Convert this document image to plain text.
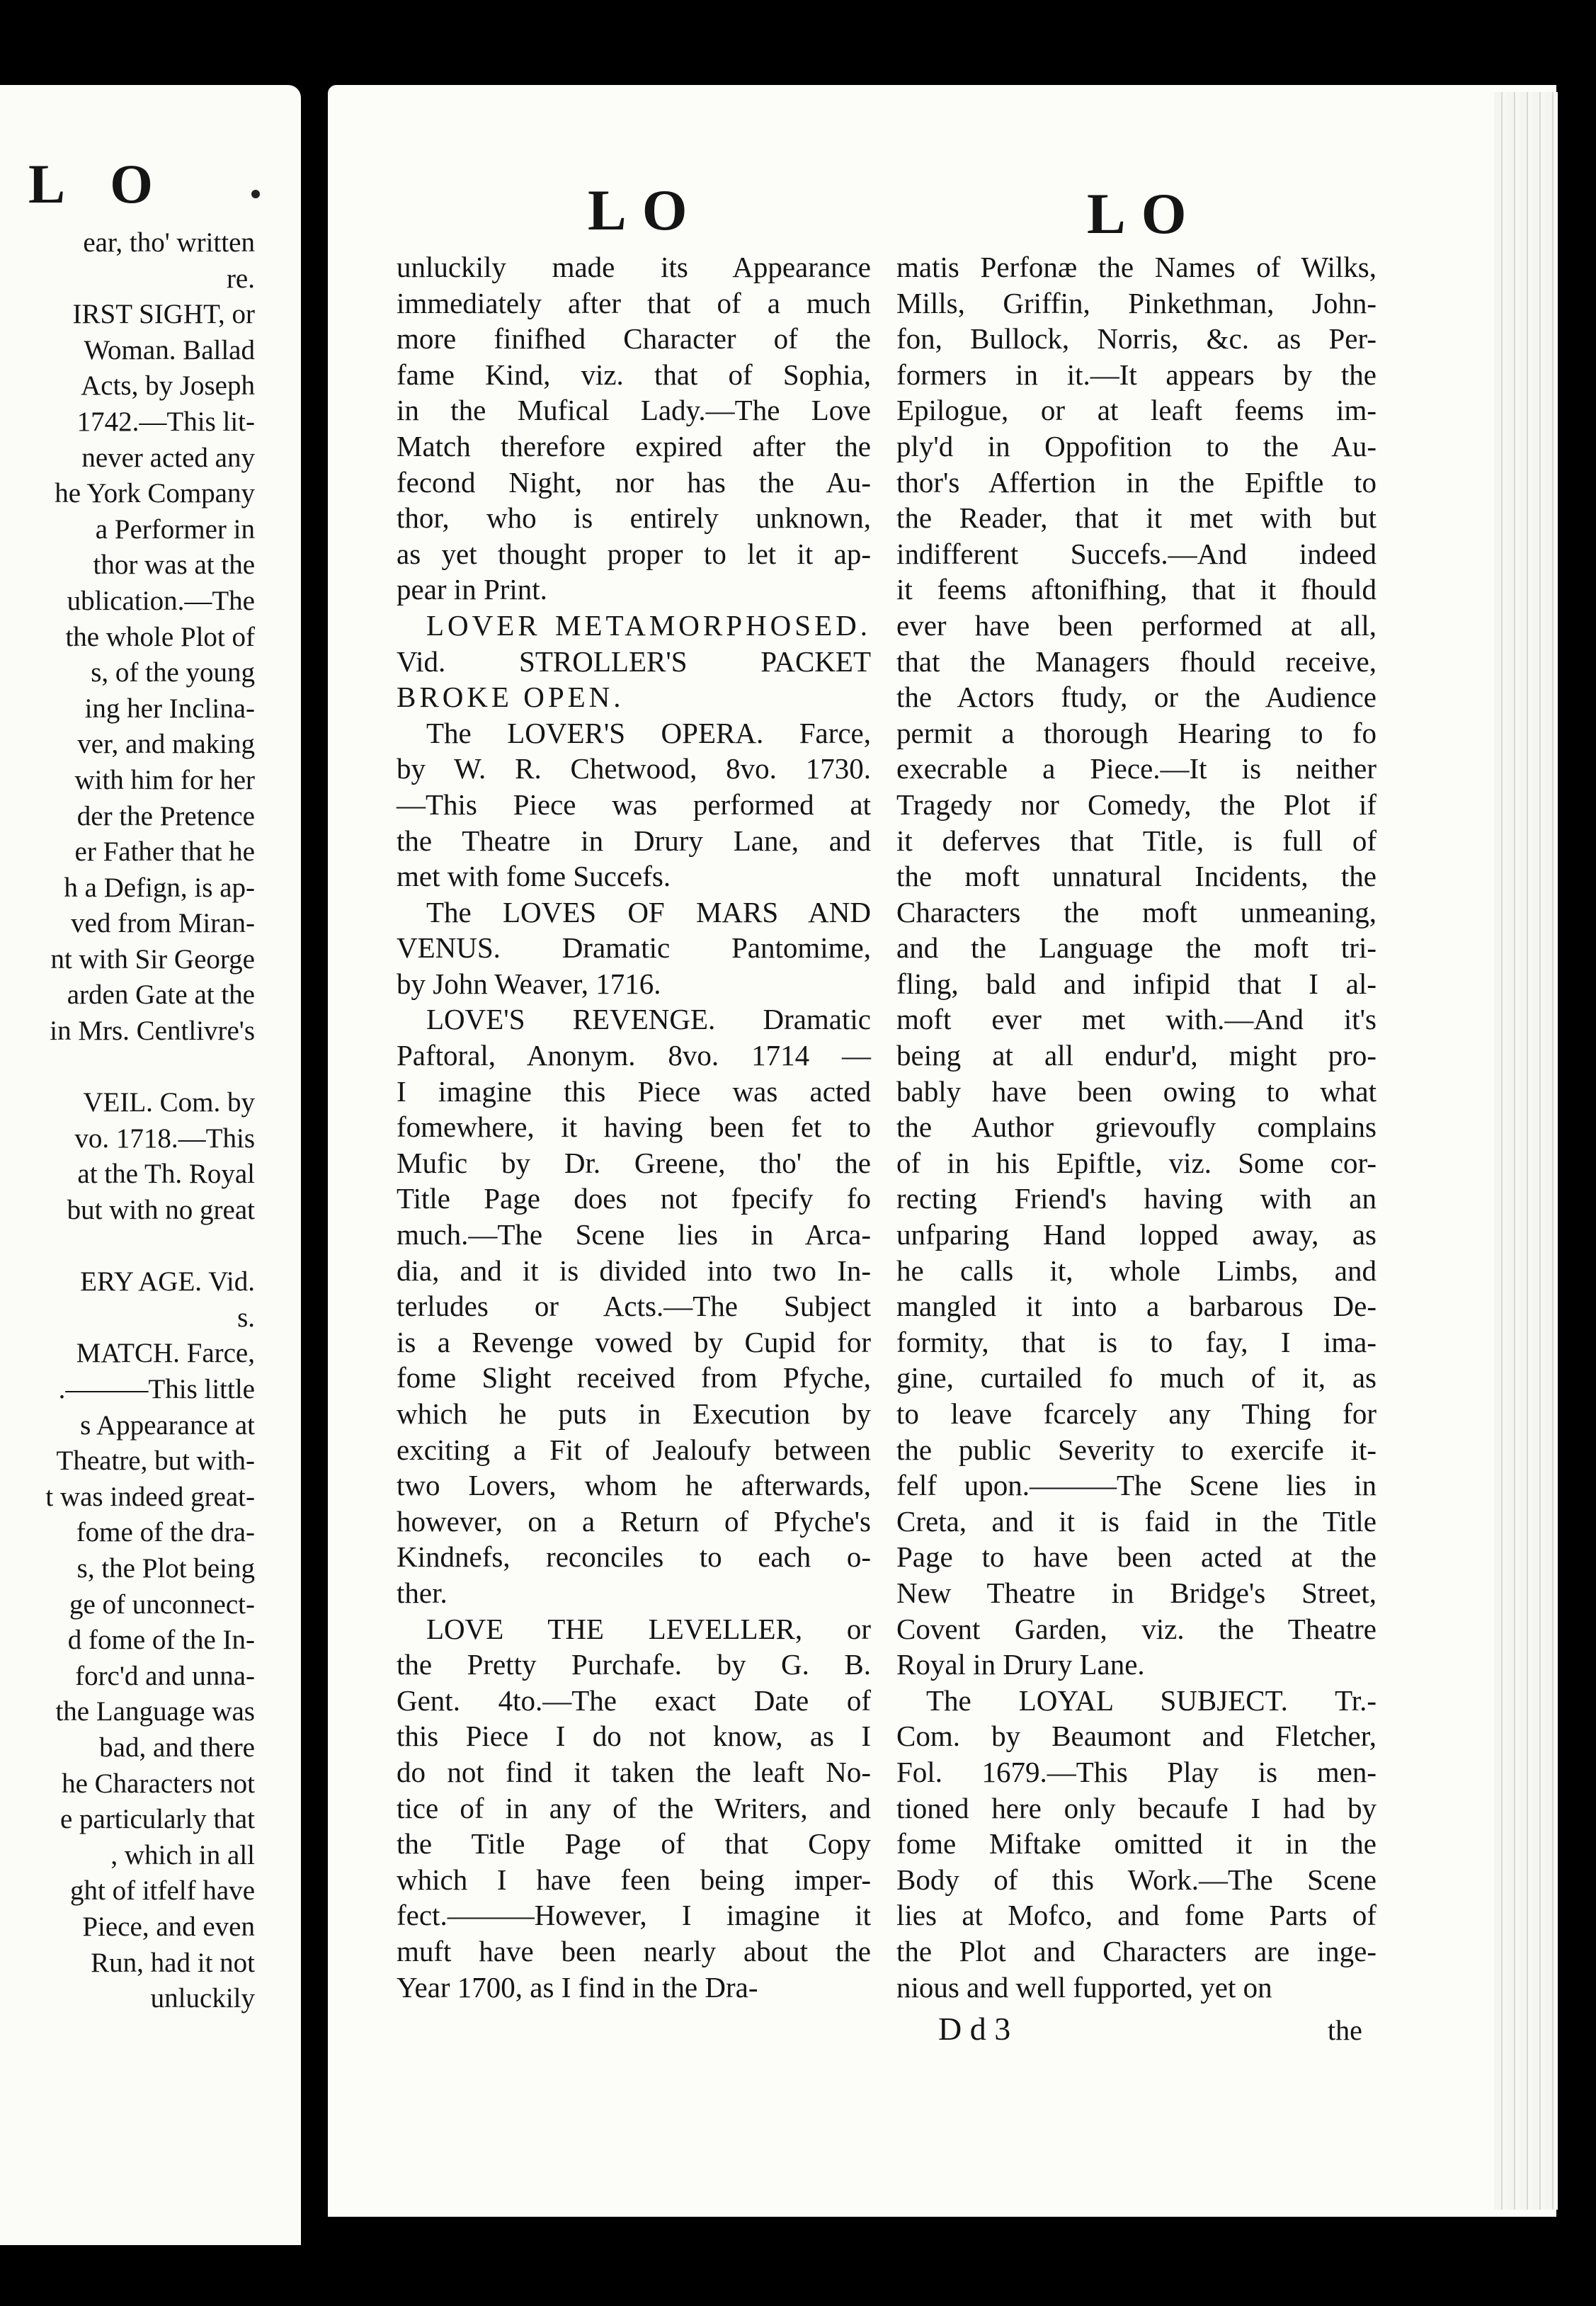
L O
ear, tho' written
re.
IRST SIGHT, or
Woman. Ballad
Acts, by Joseph
1742.—This lit-
never acted any
he York Company
a Performer in
thor was at the
ublication.—The
the whole Plot of
s, of the young
ing her Inclina-
ver, and making
with him for her
der the Pretence
er Father that he
h a Defign, is ap-
ved from Miran-
nt with Sir George
arden Gate at the
in Mrs. Centlivre's

VEIL. Com. by
vo. 1718.—This
at the Th. Royal
but with no great

ERY AGE. Vid.
s.
MATCH. Farce,
.———This little
s Appearance at
Theatre, but with-
t was indeed great-
fome of the dra-
s, the Plot being
ge of unconnect-
d fome of the In-
forc'd and unna-
the Language was
bad, and there
he Characters not
e particularly that
, which in all
ght of itfelf have
Piece, and even
Run, had it not
unluckily
LO	LO
unluckily made its Appearance
immediately after that of a much
more finifhed Character of the
fame Kind, viz. that of Sophia,
in the Mufical Lady.—The Love
Match therefore expired after the
fecond Night, nor has the Au-
thor, who is entirely unknown,
as yet thought proper to let it ap-
pear in Print.
LOVER METAMORPHOSED.
Vid. STROLLER'S PACKET
BROKE OPEN.
The LOVER'S OPERA. Farce,
by W. R. Chetwood, 8vo. 1730.
—This Piece was performed at
the Theatre in Drury Lane, and
met with fome Succefs.
The LOVES OF MARS AND
VENUS. Dramatic Pantomime,
by John Weaver, 1716.
LOVE'S REVENGE. Dramatic
Paftoral, Anonym. 8vo. 1714 —
I imagine this Piece was acted
fomewhere, it having been fet to
Mufic by Dr. Greene, tho' the
Title Page does not fpecify fo
much.—The Scene lies in Arca-
dia, and it is divided into two In-
terludes or Acts.—The Subject
is a Revenge vowed by Cupid for
fome Slight received from Pfyche,
which he puts in Execution by
exciting a Fit of Jealoufy between
two Lovers, whom he afterwards,
however, on a Return of Pfyche's
Kindnefs, reconciles to each o-
ther.
LOVE THE LEVELLER, or
the Pretty Purchafe. by G. B.
Gent. 4to.—The exact Date of
this Piece I do not know, as I
do not find it taken the leaft No-
tice of in any of the Writers, and
the Title Page of that Copy
which I have feen being imper-
fect.———However, I imagine it
muft have been nearly about the
Year 1700, as I find in the Dra-
matis Perfonæ the Names of Wilks,
Mills, Griffin, Pinkethman, John-
fon, Bullock, Norris, &c. as Per-
formers in it.—It appears by the
Epilogue, or at leaft feems im-
ply'd in Oppofition to the Au-
thor's Affertion in the Epiftle to
the Reader, that it met with but
indifferent Succefs.—And indeed
it feems aftonifhing, that it fhould
ever have been performed at all,
that the Managers fhould receive,
the Actors ftudy, or the Audience
permit a thorough Hearing to fo
execrable a Piece.—It is neither
Tragedy nor Comedy, the Plot if
it deferves that Title, is full of
the moft unnatural Incidents, the
Characters the moft unmeaning,
and the Language the moft tri-
fling, bald and infipid that I al-
moft ever met with.—And it's
being at all endur'd, might pro-
bably have been owing to what
the Author grievoufly complains
of in his Epiftle, viz. Some cor-
recting Friend's having with an
unfparing Hand lopped away, as
he calls it, whole Limbs, and
mangled it into a barbarous De-
formity, that is to fay, I ima-
gine, curtailed fo much of it, as
to leave fcarcely any Thing for
the public Severity to exercife it-
felf upon.———The Scene lies in
Creta, and it is faid in the Title
Page to have been acted at the
New Theatre in Bridge's Street,
Covent Garden, viz. the Theatre
Royal in Drury Lane.
The LOYAL SUBJECT. Tr.-
Com. by Beaumont and Fletcher,
Fol. 1679.—This Play is men-
tioned here only becaufe I had by
fome Miftake omitted it in the
Body of this Work.—The Scene
lies at Mofco, and fome Parts of
the Plot and Characters are inge-
nious and well fupported, yet on
D d 3	the
